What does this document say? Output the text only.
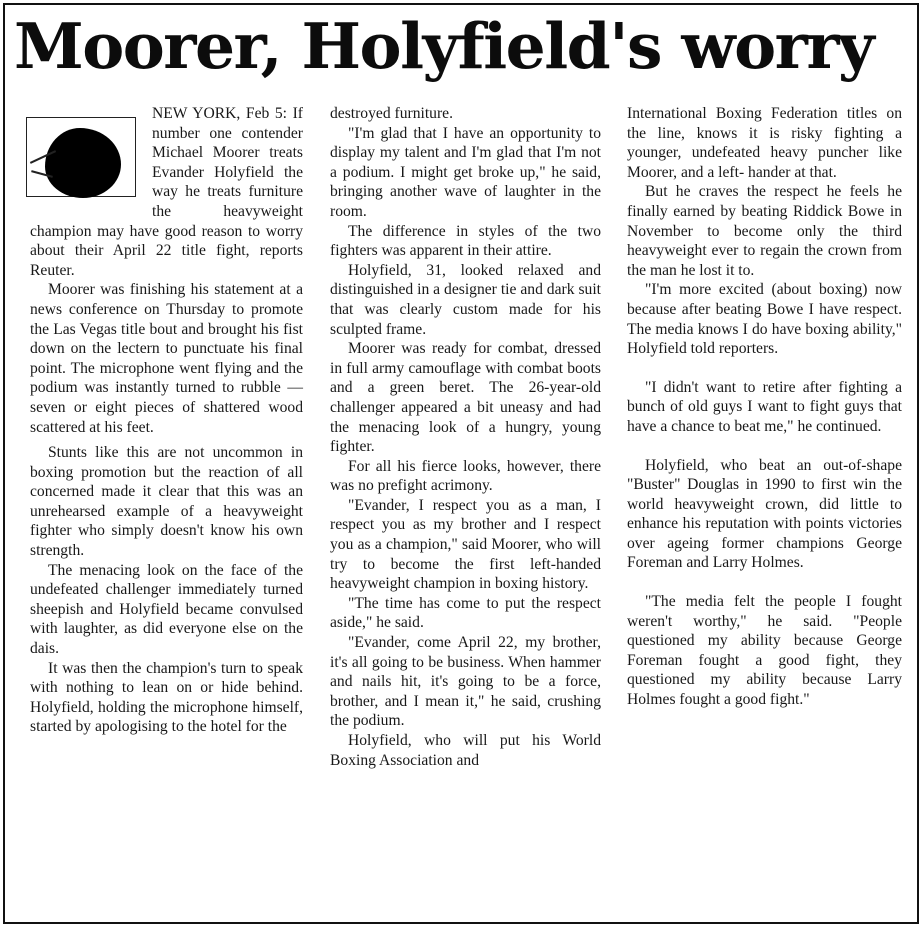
Moorer, Holyfield's worry

NEW YORK, Feb 5: If number one contender Michael Moorer treats Evander Holyfield the way he treats furniture the heavyweight champion may have good reason to worry about their April 22 title fight, reports Reuter.

Moorer was finishing his statement at a news conference on Thursday to promote the Las Vegas title bout and brought his fist down on the lectern to punctuate his final point. The microphone went flying and the podium was instantly turned to rubble — seven or eight pieces of shattered wood scattered at his feet.

Stunts like this are not uncommon in boxing promotion but the reaction of all concerned made it clear that this was an unrehearsed example of a heavyweight fighter who simply doesn't know his own strength.

The menacing look on the face of the undefeated challenger immediately turned sheepish and Holyfield became convulsed with laughter, as did everyone else on the dais.

It was then the champion's turn to speak with nothing to lean on or hide behind. Holyfield, holding the microphone himself, started by apologising to the hotel for the

destroyed furniture.

"I'm glad that I have an opportunity to display my talent and I'm glad that I'm not a podium. I might get broke up," he said, bringing another wave of laughter in the room.

The difference in styles of the two fighters was apparent in their attire.

Holyfield, 31, looked relaxed and distinguished in a designer tie and dark suit that was clearly custom made for his sculpted frame.

Moorer was ready for combat, dressed in full army camouflage with combat boots and a green beret. The 26-year-old challenger appeared a bit uneasy and had the menacing look of a hungry, young fighter.

For all his fierce looks, however, there was no prefight acrimony.

"Evander, I respect you as a man, I respect you as my brother and I respect you as a champion," said Moorer, who will try to become the first left-handed heavyweight champion in boxing history.

"The time has come to put the respect aside," he said.

"Evander, come April 22, my brother, it's all going to be business. When hammer and nails hit, it's going to be a force, brother, and I mean it," he said, crushing the podium.

Holyfield, who will put his World Boxing Association and

International Boxing Federation titles on the line, knows it is risky fighting a younger, undefeated heavy puncher like Moorer, and a left- hander at that.

But he craves the respect he feels he finally earned by beating Riddick Bowe in November to become only the third heavyweight ever to regain the crown from the man he lost it to.

"I'm more excited (about boxing) now because after beating Bowe I have respect. The media knows I do have boxing ability," Holyfield told reporters.

"I didn't want to retire after fighting a bunch of old guys I want to fight guys that have a chance to beat me," he continued.

Holyfield, who beat an out-of-shape "Buster" Douglas in 1990 to first win the world heavyweight crown, did little to enhance his reputation with points victories over ageing former champions George Foreman and Larry Holmes.

"The media felt the people I fought weren't worthy," he said. "People questioned my ability because George Foreman fought a good fight, they questioned my ability because Larry Holmes fought a good fight."
